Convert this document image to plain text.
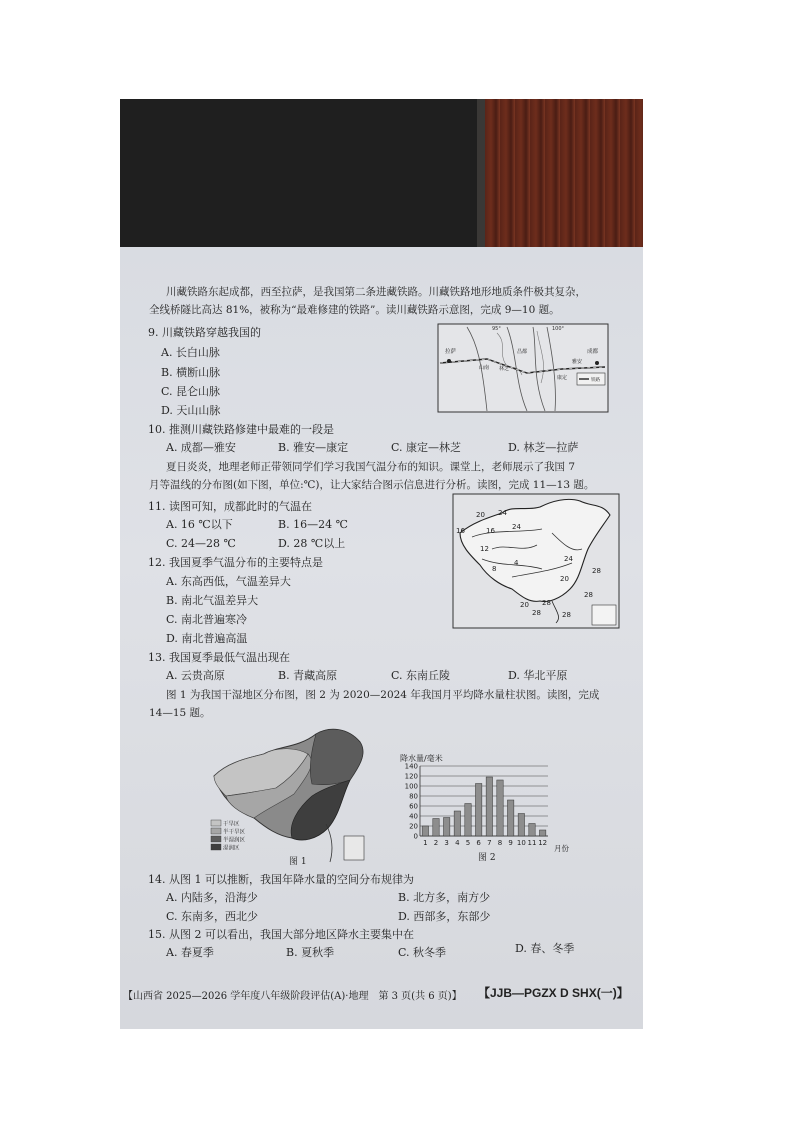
川藏铁路东起成都，西至拉萨，是我国第二条进藏铁路。川藏铁路地形地质条件极其复杂，
全线桥隧比高达 81%，被称为“最难修建的铁路”。读川藏铁路示意图，完成 9—10 题。
9. 川藏铁路穿越我国的
A. 长白山脉
B. 横断山脉
C. 昆仑山脉
D. 天山山脉
95°	100°
拉萨
山南 林芝
昌都
康定
雅安
成都
铁路
10. 推测川藏铁路修建中最难的一段是
A. 成都—雅安	B. 雅安—康定	C. 康定—林芝	D. 林芝—拉萨
夏日炎炎，地理老师正带领同学们学习我国气温分布的知识。课堂上，老师展示了我国 7
月等温线的分布图(如下图，单位:℃)，让大家结合图示信息进行分析。读图，完成 11—13 题。
11. 读图可知，成都此时的气温在
A. 16 ℃以下	B. 16—24 ℃
C. 24—28 ℃	D. 28 ℃以上
12. 我国夏季气温分布的主要特点是
A. 东高西低，气温差异大
B. 南北气温差异大
C. 南北普遍寒冷
D. 南北普遍高温
16
20 24
24
16
12
8
4
20
24
28
28
28	28
28
20
13. 我国夏季最低气温出现在
A. 云贵高原	B. 青藏高原	C. 东南丘陵	D. 华北平原
图 1 为我国干湿地区分布图，图 2 为 2020—2024 年我国月平均降水量柱状图。读图，完成
14—15 题。
干旱区
半干旱区
半湿润区
湿润区
图 1
降水量/毫米
0
20
40
60
80
100
120
140
1 2 3 4 5 6 7 8 9 10 11 12
月份
图 2
14. 从图 1 可以推断，我国年降水量的空间分布规律为
A. 内陆多，沿海少	B. 北方多，南方少
C. 东南多，西北少	D. 西部多，东部少
15. 从图 2 可以看出，我国大部分地区降水主要集中在
A. 春夏季	B. 夏秋季	C. 秋冬季	D. 春、冬季
【山西省 2025—2026 学年度八年级阶段评估(A)·地理　第 3 页(共 6 页)】 【JJB—PGZX D SHX(一)】
